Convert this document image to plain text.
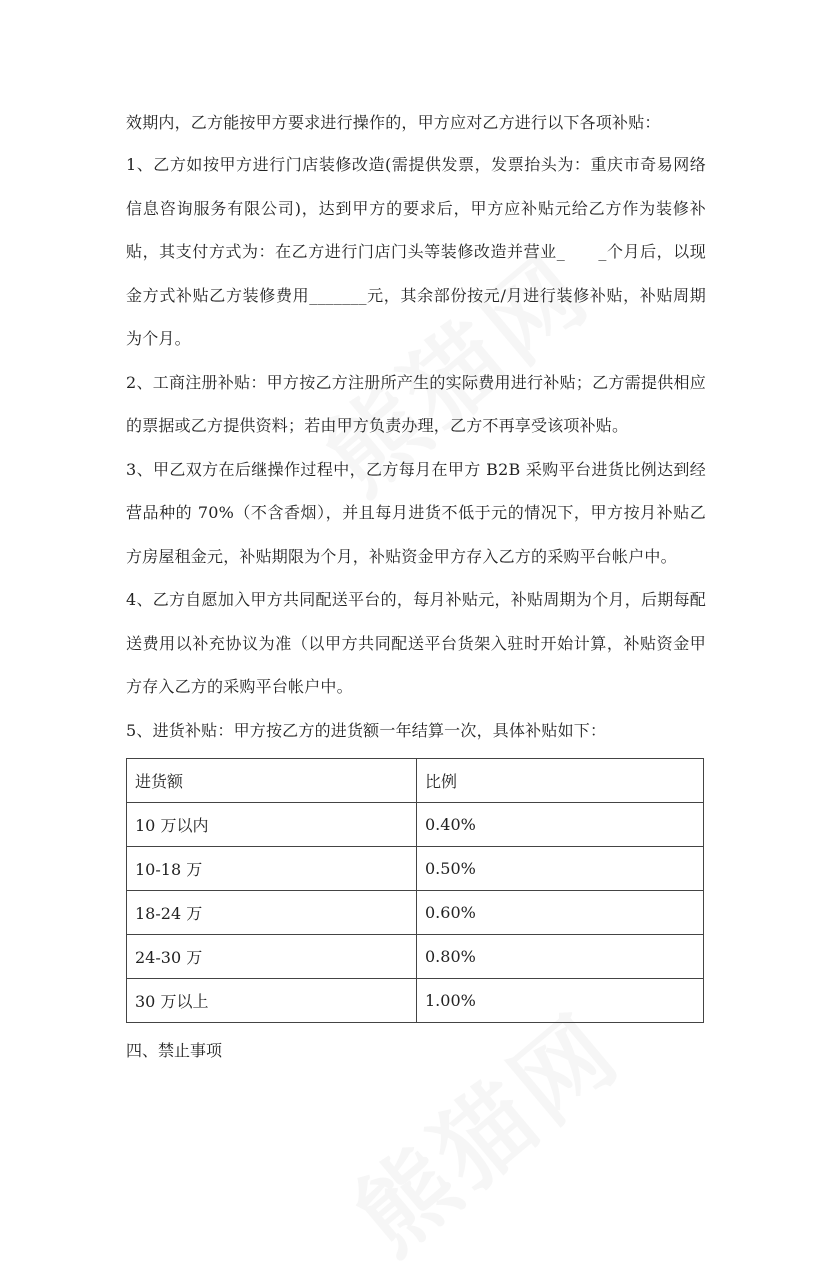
效期内，乙方能按甲方要求进行操作的，甲方应对乙方进行以下各项补贴：

1、乙方如按甲方进行门店装修改造(需提供发票，发票抬头为：重庆市奇易网络信息咨询服务有限公司)，达到甲方的要求后，甲方应补贴元给乙方作为装修补贴，其支付方式为：在乙方进行门店门头等装修改造并营业_　　_个月后，以现金方式补贴乙方装修费用_______元，其余部份按元/月进行装修补贴，补贴周期为个月。

2、工商注册补贴：甲方按乙方注册所产生的实际费用进行补贴；乙方需提供相应的票据或乙方提供资料；若由甲方负责办理，乙方不再享受该项补贴。

3、甲乙双方在后继操作过程中，乙方每月在甲方 B2B 采购平台进货比例达到经营品种的 70%（不含香烟），并且每月进货不低于元的情况下，甲方按月补贴乙方房屋租金元，补贴期限为个月，补贴资金甲方存入乙方的采购平台帐户中。

4、乙方自愿加入甲方共同配送平台的，每月补贴元，补贴周期为个月，后期每配送费用以补充协议为准（以甲方共同配送平台货架入驻时开始计算，补贴资金甲方存入乙方的采购平台帐户中。

5、进货补贴：甲方按乙方的进货额一年结算一次，具体补贴如下：

进货额	比例
10 万以内	0.40%
10-18 万	0.50%
18-24 万	0.60%
24-30 万	0.80%
30 万以上	1.00%

四、禁止事项
